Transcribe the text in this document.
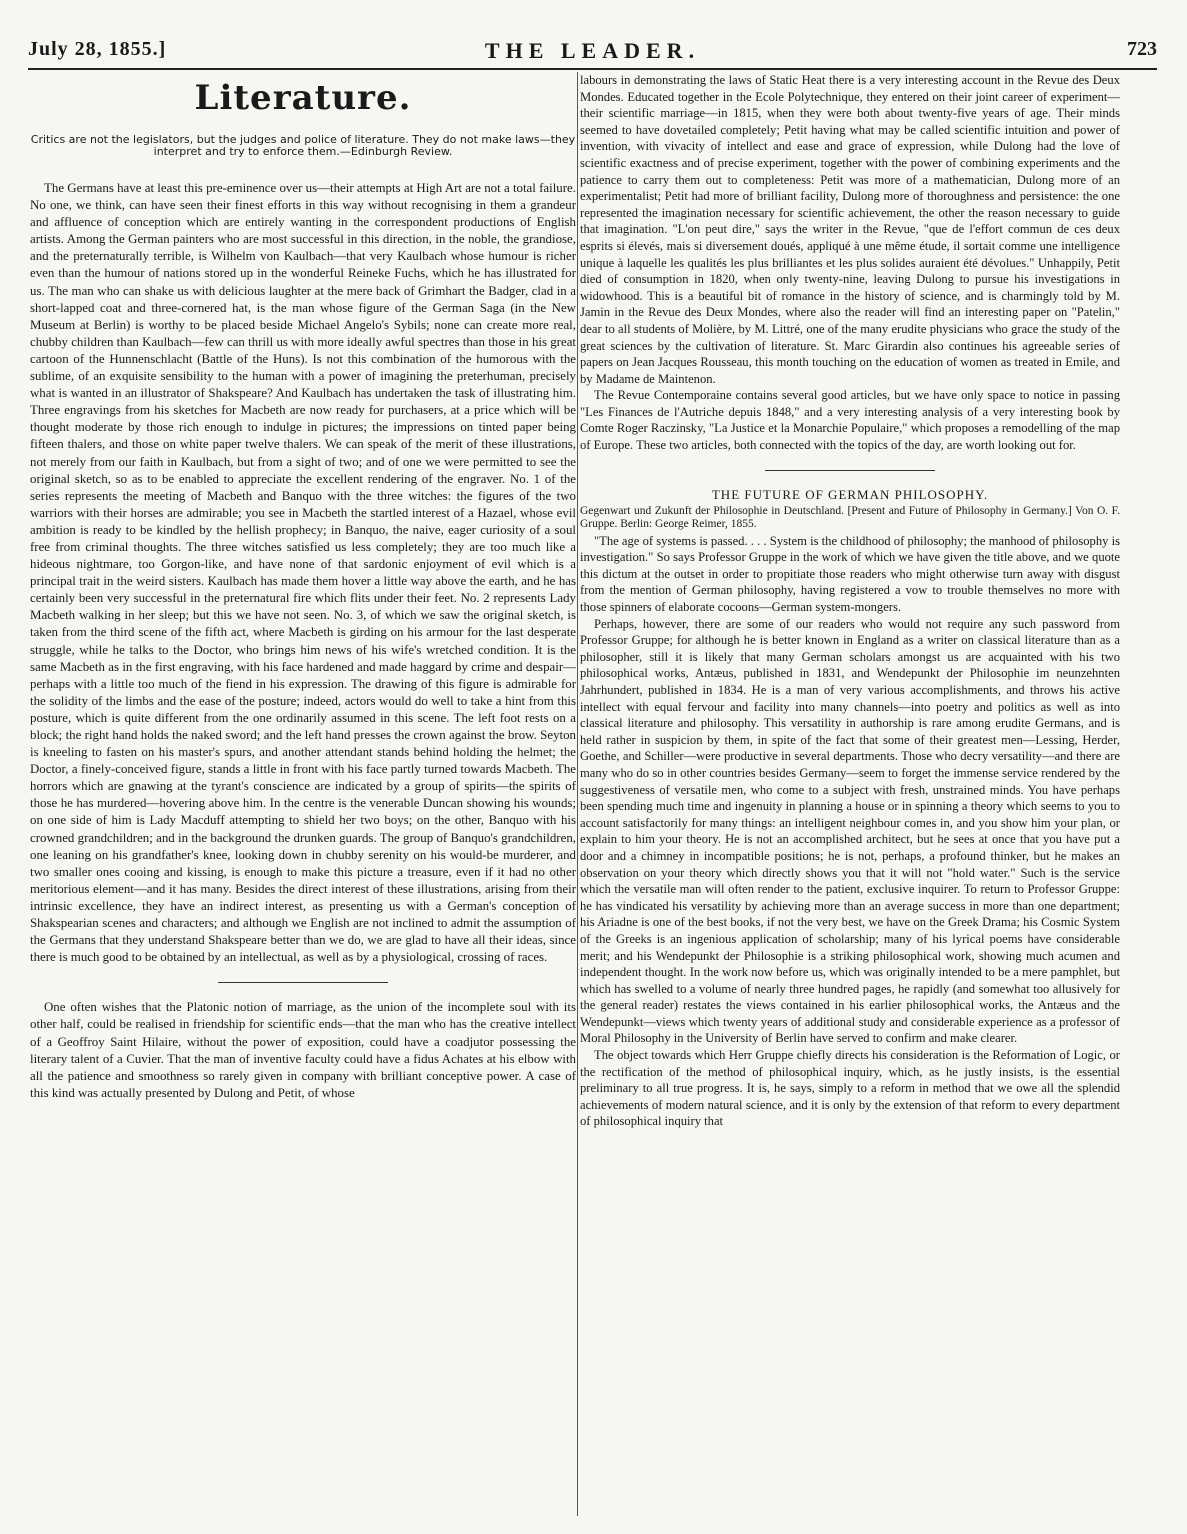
July 28, 1855.]	THE LEADER.	723
Literature.
Critics are not the legislators, but the judges and police of literature. They do not make laws—they interpret and try to enforce them.—Edinburgh Review.

The Germans have at least this pre-eminence over us—their attempts at High Art are not a total failure. No one, we think, can have seen their finest efforts in this way without recognising in them a grandeur and affluence of conception which are entirely wanting in the correspondent productions of English artists. Among the German painters who are most successful in this direction, in the noble, the grandiose, and the preternaturally terrible, is Wilhelm von Kaulbach—that very Kaulbach whose humour is richer even than the humour of nations stored up in the wonderful Reineke Fuchs, which he has illustrated for us. The man who can shake us with delicious laughter at the mere back of Grimhart the Badger, clad in a short-lapped coat and three-cornered hat, is the man whose figure of the German Saga (in the New Museum at Berlin) is worthy to be placed beside Michael Angelo's Sybils; none can create more real, chubby children than Kaulbach—few can thrill us with more ideally awful spectres than those in his great cartoon of the Hunnenschlacht (Battle of the Huns). Is not this combination of the humorous with the sublime, of an exquisite sensibility to the human with a power of imagining the preterhuman, precisely what is wanted in an illustrator of Shakspeare? And Kaulbach has undertaken the task of illustrating him. Three engravings from his sketches for Macbeth are now ready for purchasers, at a price which will be thought moderate by those rich enough to indulge in pictures; the impressions on tinted paper being fifteen thalers, and those on white paper twelve thalers. We can speak of the merit of these illustrations, not merely from our faith in Kaulbach, but from a sight of two; and of one we were permitted to see the original sketch, so as to be enabled to appreciate the excellent rendering of the engraver. No. 1 of the series represents the meeting of Macbeth and Banquo with the three witches: the figures of the two warriors with their horses are admirable; you see in Macbeth the startled interest of a Hazael, whose evil ambition is ready to be kindled by the hellish prophecy; in Banquo, the naive, eager curiosity of a soul free from criminal thoughts. The three witches satisfied us less completely; they are too much like a hideous nightmare, too Gorgon-like, and have none of that sardonic enjoyment of evil which is a principal trait in the weird sisters. Kaulbach has made them hover a little way above the earth, and he has certainly been very successful in the preternatural fire which flits under their feet. No. 2 represents Lady Macbeth walking in her sleep; but this we have not seen. No. 3, of which we saw the original sketch, is taken from the third scene of the fifth act, where Macbeth is girding on his armour for the last desperate struggle, while he talks to the Doctor, who brings him news of his wife's wretched condition. It is the same Macbeth as in the first engraving, with his face hardened and made haggard by crime and despair—perhaps with a little too much of the fiend in his expression. The drawing of this figure is admirable for the solidity of the limbs and the ease of the posture; indeed, actors would do well to take a hint from this posture, which is quite different from the one ordinarily assumed in this scene. The left foot rests on a block; the right hand holds the naked sword; and the left hand presses the crown against the brow. Seyton is kneeling to fasten on his master's spurs, and another attendant stands behind holding the helmet; the Doctor, a finely-conceived figure, stands a little in front with his face partly turned towards Macbeth. The horrors which are gnawing at the tyrant's conscience are indicated by a group of spirits—the spirits of those he has murdered—hovering above him. In the centre is the venerable Duncan showing his wounds; on one side of him is Lady Macduff attempting to shield her two boys; on the other, Banquo with his crowned grandchildren; and in the background the drunken guards. The group of Banquo's grandchildren, one leaning on his grandfather's knee, looking down in chubby serenity on his would-be murderer, and two smaller ones cooing and kissing, is enough to make this picture a treasure, even if it had no other meritorious element—and it has many. Besides the direct interest of these illustrations, arising from their intrinsic excellence, they have an indirect interest, as presenting us with a German's conception of Shakspearian scenes and characters; and although we English are not inclined to admit the assumption of the Germans that they understand Shakspeare better than we do, we are glad to have all their ideas, since there is much good to be obtained by an intellectual, as well as by a physiological, crossing of races.

One often wishes that the Platonic notion of marriage, as the union of the incomplete soul with its other half, could be realised in friendship for scientific ends—that the man who has the creative intellect of a Geoffroy Saint Hilaire, without the power of exposition, could have a coadjutor possessing the literary talent of a Cuvier. That the man of inventive faculty could have a fidus Achates at his elbow with all the patience and smoothness so rarely given in company with brilliant conceptive power. A case of this kind was actually presented by Dulong and Petit, of whose

labours in demonstrating the laws of Static Heat there is a very interesting account in the Revue des Deux Mondes. Educated together in the Ecole Polytechnique, they entered on their joint career of experiment—their scientific marriage—in 1815, when they were both about twenty-five years of age. Their minds seemed to have dovetailed completely; Petit having what may be called scientific intuition and power of invention, with vivacity of intellect and ease and grace of expression, while Dulong had the love of scientific exactness and of precise experiment, together with the power of combining experiments and the patience to carry them out to completeness: Petit was more of a mathematician, Dulong more of an experimentalist; Petit had more of brilliant facility, Dulong more of thoroughness and persistence: the one represented the imagination necessary for scientific achievement, the other the reason necessary to guide that imagination. "L'on peut dire," says the writer in the Revue, "que de l'effort commun de ces deux esprits si élevés, mais si diversement doués, appliqué à une même étude, il sortait comme une intelligence unique à laquelle les qualités les plus brilliantes et les plus solides auraient été dévolues." Unhappily, Petit died of consumption in 1820, when only twenty-nine, leaving Dulong to pursue his investigations in widowhood. This is a beautiful bit of romance in the history of science, and is charmingly told by M. Jamin in the Revue des Deux Mondes, where also the reader will find an interesting paper on "Patelin," dear to all students of Molière, by M. Littré, one of the many erudite physicians who grace the study of the great sciences by the cultivation of literature. St. Marc Girardin also continues his agreeable series of papers on Jean Jacques Rousseau, this month touching on the education of women as treated in Emile, and by Madame de Maintenon.

The Revue Contemporaine contains several good articles, but we have only space to notice in passing "Les Finances de l'Autriche depuis 1848," and a very interesting analysis of a very interesting book by Comte Roger Raczinsky, "La Justice et la Monarchie Populaire," which proposes a remodelling of the map of Europe. These two articles, both connected with the topics of the day, are worth looking out for.

THE FUTURE OF GERMAN PHILOSOPHY.
Gegenwart und Zukunft der Philosophie in Deutschland. [Present and Future of Philosophy in Germany.] Von O. F. Gruppe. Berlin: George Reimer, 1855.

"The age of systems is passed. . . . System is the childhood of philosophy; the manhood of philosophy is investigation." So says Professor Gruppe in the work of which we have given the title above, and we quote this dictum at the outset in order to propitiate those readers who might otherwise turn away with disgust from the mention of German philosophy, having registered a vow to trouble themselves no more with those spinners of elaborate cocoons—German system-mongers.

Perhaps, however, there are some of our readers who would not require any such password from Professor Gruppe; for although he is better known in England as a writer on classical literature than as a philosopher, still it is likely that many German scholars amongst us are acquainted with his two philosophical works, Antæus, published in 1831, and Wendepunkt der Philosophie im neunzehnten Jahrhundert, published in 1834. He is a man of very various accomplishments, and throws his active intellect with equal fervour and facility into many channels—into poetry and politics as well as into classical literature and philosophy. This versatility in authorship is rare among erudite Germans, and is held rather in suspicion by them, in spite of the fact that some of their greatest men—Lessing, Herder, Goethe, and Schiller—were productive in several departments. Those who decry versatility—and there are many who do so in other countries besides Germany—seem to forget the immense service rendered by the suggestiveness of versatile men, who come to a subject with fresh, unstrained minds. You have perhaps been spending much time and ingenuity in planning a house or in spinning a theory which seems to you to account satisfactorily for many things: an intelligent neighbour comes in, and you show him your plan, or explain to him your theory. He is not an accomplished architect, but he sees at once that you have put a door and a chimney in incompatible positions; he is not, perhaps, a profound thinker, but he makes an observation on your theory which directly shows you that it will not "hold water." Such is the service which the versatile man will often render to the patient, exclusive inquirer. To return to Professor Gruppe: he has vindicated his versatility by achieving more than an average success in more than one department; his Ariadne is one of the best books, if not the very best, we have on the Greek Drama; his Cosmic System of the Greeks is an ingenious application of scholarship; many of his lyrical poems have considerable merit; and his Wendepunkt der Philosophie is a striking philosophical work, showing much acumen and independent thought. In the work now before us, which was originally intended to be a mere pamphlet, but which has swelled to a volume of nearly three hundred pages, he rapidly (and somewhat too allusively for the general reader) restates the views contained in his earlier philosophical works, the Antæus and the Wendepunkt—views which twenty years of additional study and considerable experience as a professor of Moral Philosophy in the University of Berlin have served to confirm and make clearer.

The object towards which Herr Gruppe chiefly directs his consideration is the Reformation of Logic, or the rectification of the method of philosophical inquiry, which, as he justly insists, is the essential preliminary to all true progress. It is, he says, simply to a reform in method that we owe all the splendid achievements of modern natural science, and it is only by the extension of that reform to every department of philosophical inquiry that
